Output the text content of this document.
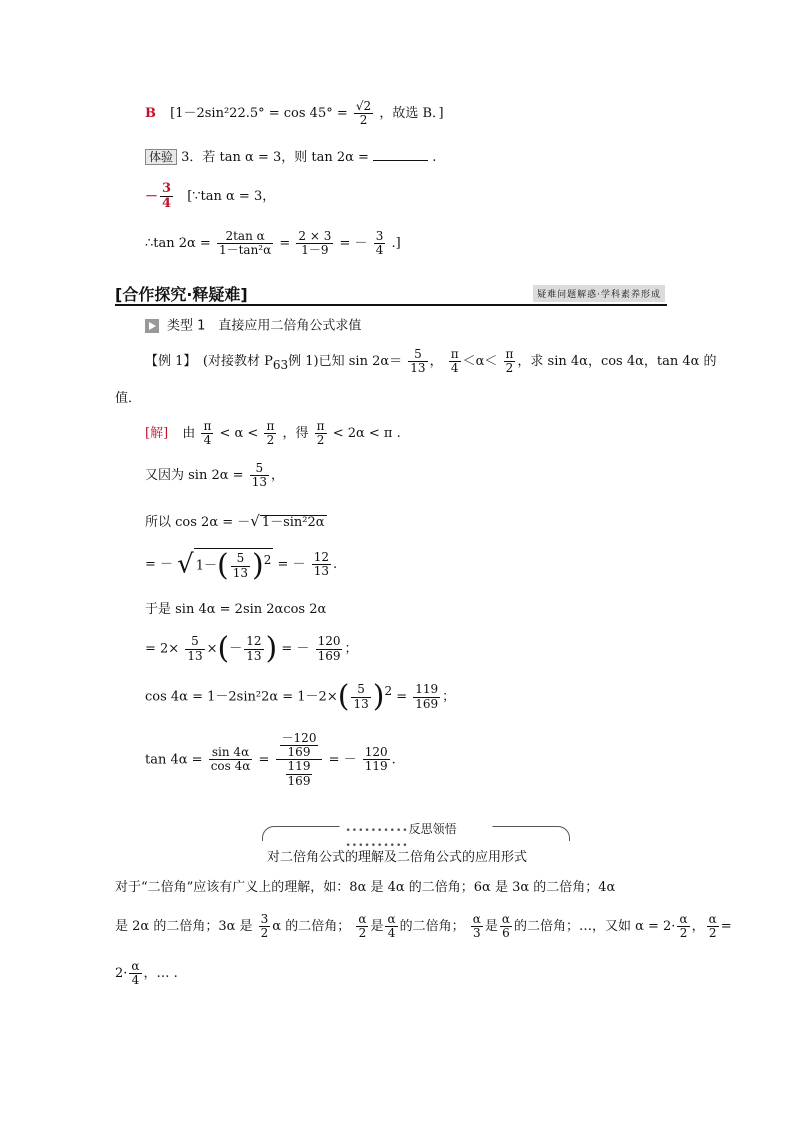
B [$1-2\sin^222.5^\circ = \cos 45^\circ = \frac{√2}{2}$ ，故选 B．]
体验 3．若 tan α = 3，则 tan 2α =	.
－ $\frac{3}{4}$ [∵tan α = 3，
∴tan $2\alpha = \frac{\text{2tan α}}{\text{1－tan²α}} = \frac{2 \times 3}{1-9}$ = － $\frac{3}{4}$ .]
[合作探究·释疑难]	疑难问题解惑·学科素养形成
类型 1　直接应用二倍角公式求值
【例 1】　(对接教材 $P_{63}$例 1)已知 $\sin 2\alpha= \frac{5}{13}$ ， $\frac{\pi}{4} <\alpha< \frac{\pi}{2}$ ，求 sin 4α，cos 4α，tan 4α 的
值．
[解] 由 $\frac{\pi}{4} < \alpha < \frac{\pi}{2}$ ，得 $\frac{\pi}{2} < 2\alpha < \pi$ .
又因为 $\sin 2\alpha = \frac{5}{13}$ ，
所以 cos 2α = －√ 1－sin²2α
= － √ $1-( \frac{5}{13} )^2$ = － $\frac{12}{13}$ .
于是 sin 4α = 2sin 2αcos 2α
= $2\times \frac{5}{13}$ ×(－ $\frac{12}{13}$ ) = － $\frac{120}{169}$ ；
$\cos 4\alpha = 1-2\sin^22\alpha = 1-2\times( \frac{5}{13} )^2 = \frac{119}{169}$ ；
$\tan 4\alpha = \frac{\sin 4\alpha}{\cos 4\alpha} = \frac{\frac{-120}{169}}{\frac{119}{169}}$ = － $\frac{120}{119}$ .
••••••••••反思领悟••••••••••
对二倍角公式的理解及二倍角公式的应用形式
对于“二倍角”应该有广义上的理解，如：8α 是 4α 的二倍角；6α 是 3α 的二倍角；4α
是 2α 的二倍角；3α 是 $\frac{3}{2}$ α 的二倍角； $\frac{\alpha}{2}$ 是 $\frac{\alpha}{4}$ 的二倍角； $\frac{\alpha}{3}$ 是 $\frac{\alpha}{6}$ 的二倍角；…，又如 $\alpha = 2\cdot \frac{\alpha}{2}$ ， $\frac{\alpha}{2}$ =
$2\cdot \frac{\alpha}{4}$ ，… .
